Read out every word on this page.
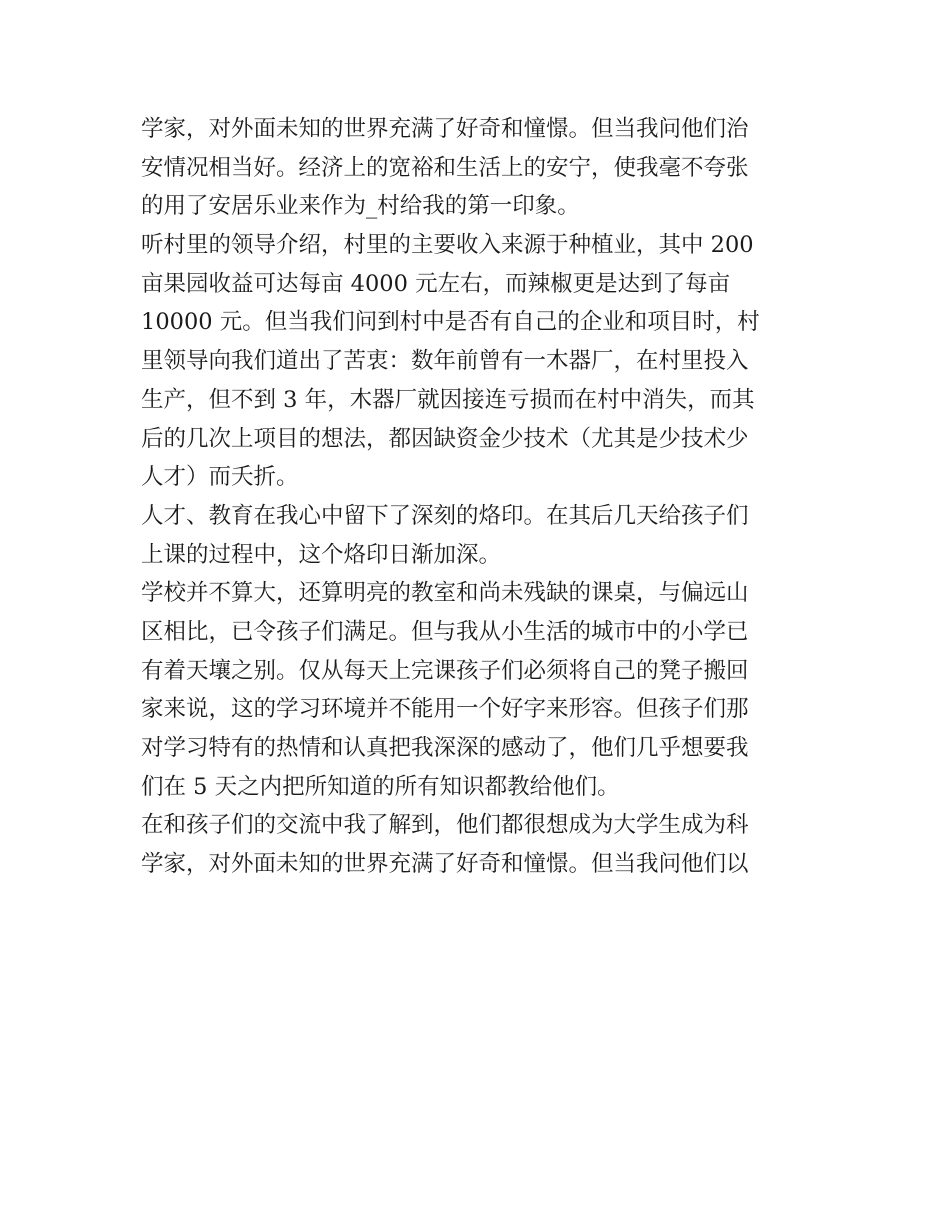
学家，对外面未知的世界充满了好奇和憧憬。但当我问他们治
安情况相当好。经济上的宽裕和生活上的安宁，使我毫不夸张
的用了安居乐业来作为_村给我的第一印象。
听村里的领导介绍，村里的主要收入来源于种植业，其中 200
亩果园收益可达每亩 4000 元左右，而辣椒更是达到了每亩
10000 元。但当我们问到村中是否有自己的企业和项目时，村
里领导向我们道出了苦衷：数年前曾有一木器厂，在村里投入
生产，但不到 3 年，木器厂就因接连亏损而在村中消失，而其
后的几次上项目的想法，都因缺资金少技术（尤其是少技术少
人才）而夭折。
人才、教育在我心中留下了深刻的烙印。在其后几天给孩子们
上课的过程中，这个烙印日渐加深。
学校并不算大，还算明亮的教室和尚未残缺的课桌，与偏远山
区相比，已令孩子们满足。但与我从小生活的城市中的小学已
有着天壤之别。仅从每天上完课孩子们必须将自己的凳子搬回
家来说，这的学习环境并不能用一个好字来形容。但孩子们那
对学习特有的热情和认真把我深深的感动了，他们几乎想要我
们在 5 天之内把所知道的所有知识都教给他们。
在和孩子们的交流中我了解到，他们都很想成为大学生成为科
学家，对外面未知的世界充满了好奇和憧憬。但当我问他们以
